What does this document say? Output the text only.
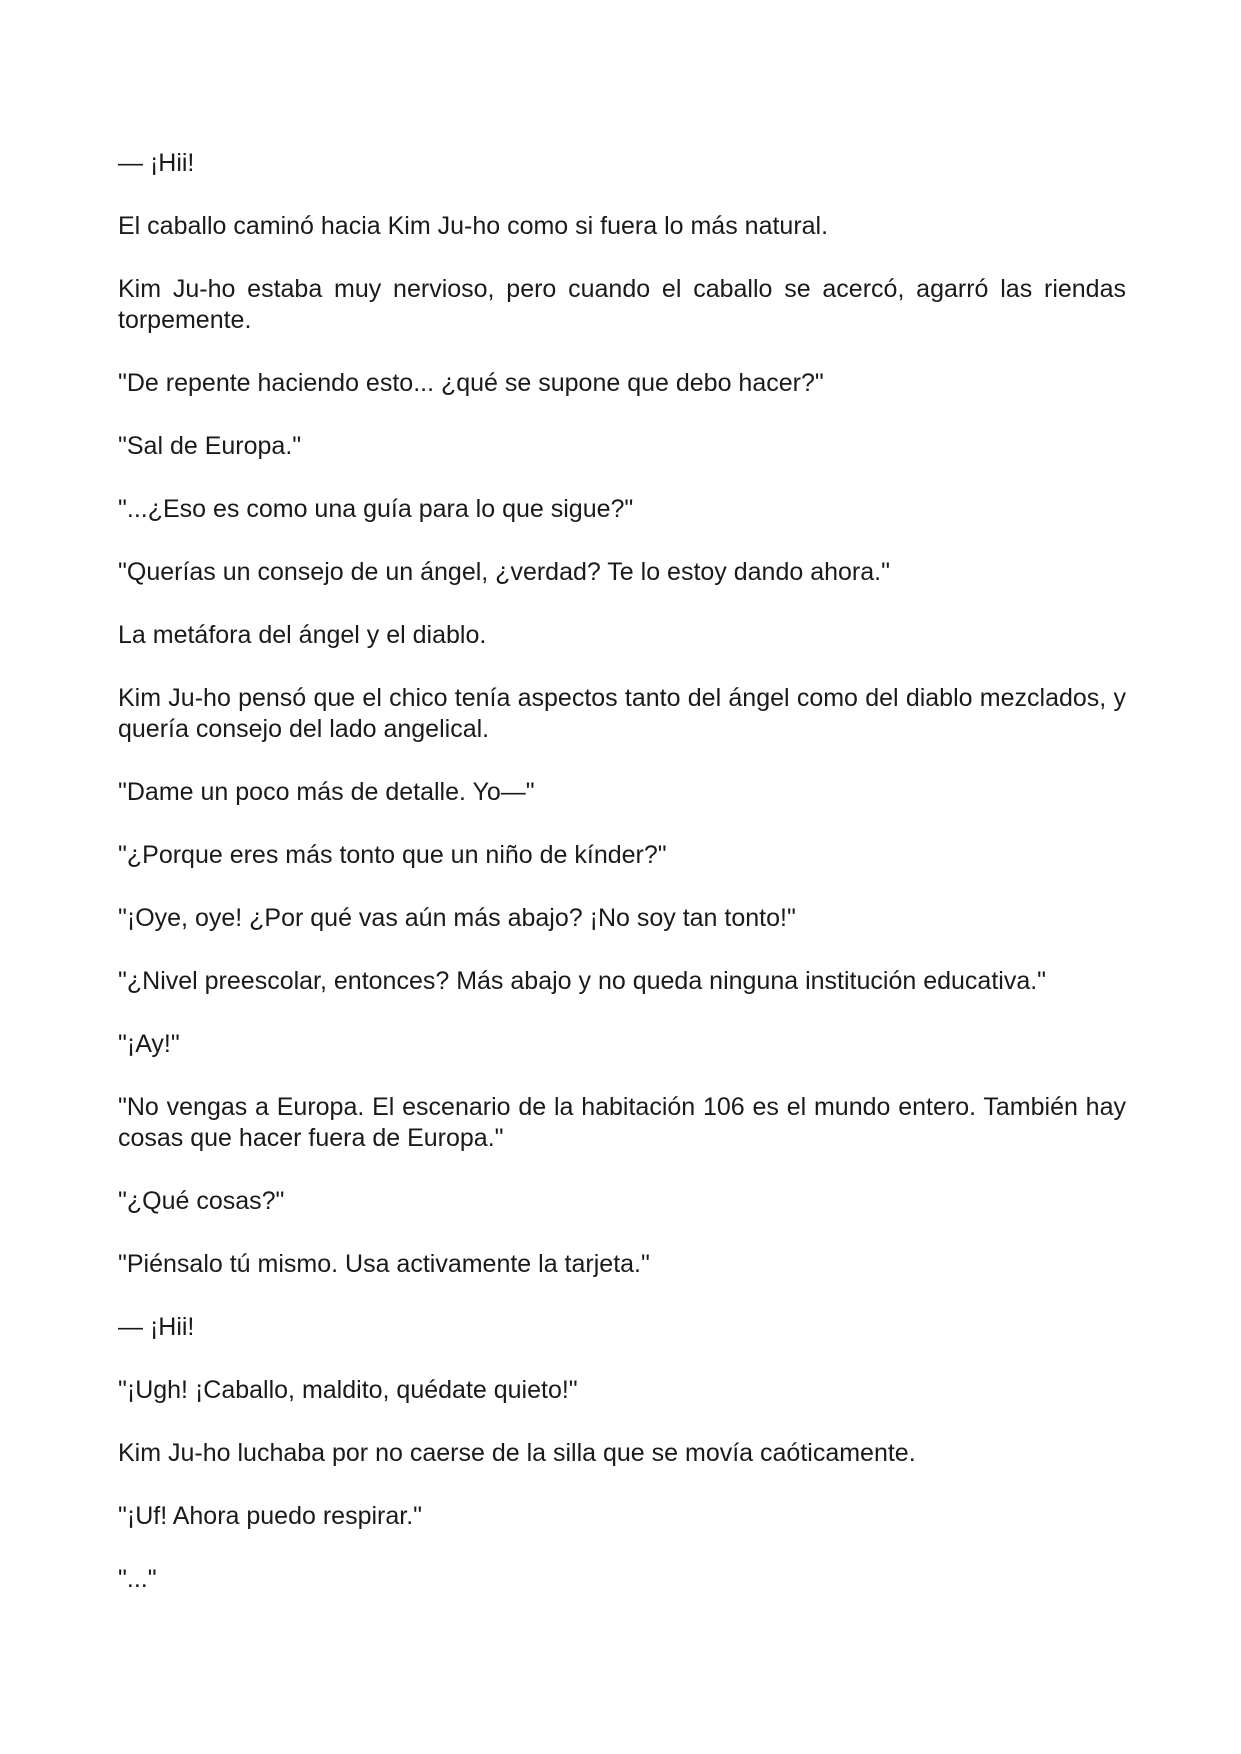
— ¡Hii!

El caballo caminó hacia Kim Ju-ho como si fuera lo más natural.

Kim Ju-ho estaba muy nervioso, pero cuando el caballo se acercó, agarró las riendas torpemente.

"De repente haciendo esto... ¿qué se supone que debo hacer?"

"Sal de Europa."

"...¿Eso es como una guía para lo que sigue?"

"Querías un consejo de un ángel, ¿verdad? Te lo estoy dando ahora."

La metáfora del ángel y el diablo.

Kim Ju-ho pensó que el chico tenía aspectos tanto del ángel como del diablo mezclados, y quería consejo del lado angelical.

"Dame un poco más de detalle. Yo—"

"¿Porque eres más tonto que un niño de kínder?"

"¡Oye, oye! ¿Por qué vas aún más abajo? ¡No soy tan tonto!"

"¿Nivel preescolar, entonces? Más abajo y no queda ninguna institución educativa."

"¡Ay!"

"No vengas a Europa. El escenario de la habitación 106 es el mundo entero. También hay cosas que hacer fuera de Europa."

"¿Qué cosas?"

"Piénsalo tú mismo. Usa activamente la tarjeta."

— ¡Hii!

"¡Ugh! ¡Caballo, maldito, quédate quieto!"

Kim Ju-ho luchaba por no caerse de la silla que se movía caóticamente.

"¡Uf! Ahora puedo respirar."

"..."
